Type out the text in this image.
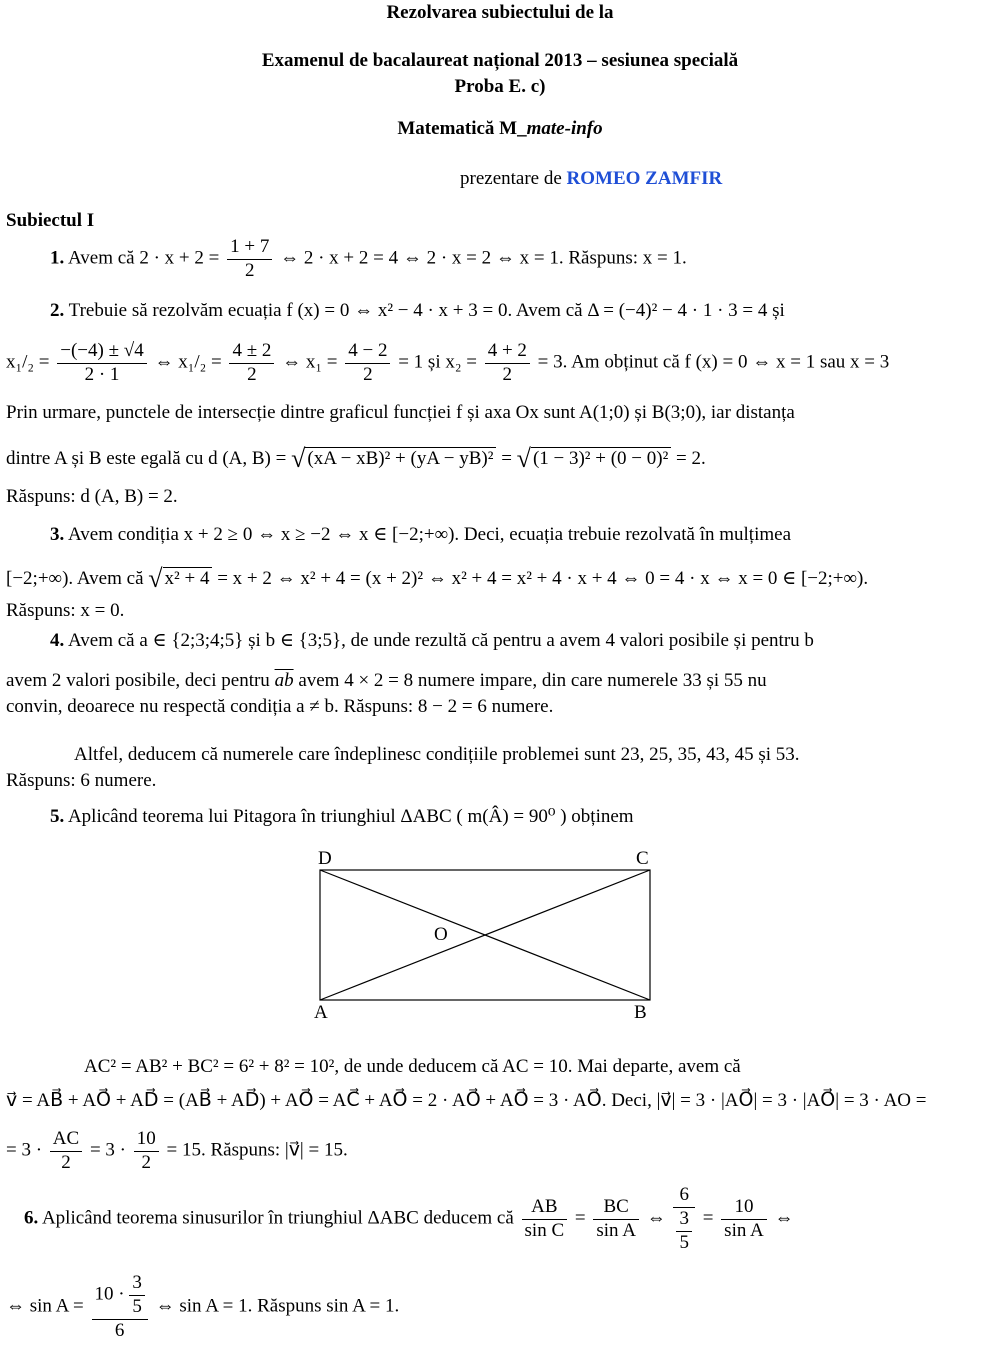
Rezolvarea subiectului de la
Examenul de bacalaureat național 2013 – sesiunea specială
Proba E. c)
Matematică M_mate-info
prezentare de ROMEO ZAMFIR
Subiectul I
1. Avem că $2 \cdot x + 2 = \frac{1 + 7}{2}$ ⇔ 2 · x + 2 = 4 ⇔ 2 · x = 2 ⇔ x = 1. Răspuns: x = 1.
2. Trebuie să rezolvăm ecuația f (x) = 0 ⇔ x² − 4 · x + 3 = 0. Avem că Δ = (−4)² − 4 · 1 · 3 = 4 și
$x_1/_2 = \frac{-(-4) \pm √4}{2 \cdot 1}$ ⇔ $x_1/_2 = \frac{4 \pm 2}{2}$ ⇔ $x_1 = \frac{4 - 2}{2} = 1$ și $x_2 = \frac{4 + 2}{2} = 3$. Am obținut că f (x) = 0 ⇔ x = 1 sau x = 3
Prin urmare, punctele de intersecție dintre graficul funcției f și axa Ox sunt A(1;0) și B(3;0), iar distanța
dintre A și B este egală cu d (A, B) = √ (xA − xB)² + (yA − yB)² = √ (1 − 3)² + (0 − 0)² = 2.
Răspuns: d (A, B) = 2.
3. Avem condiția x + 2 ≥ 0 ⇔ x ≥ −2 ⇔ x ∈ [−2;+∞). Deci, ecuația trebuie rezolvată în mulțimea
[−2;+∞). Avem că √ x² + 4 = x + 2 ⇔ x² + 4 = (x + 2)² ⇔ x² + 4 = x² + 4 · x + 4 ⇔ 0 = 4 · x ⇔ x = 0 ∈ [−2;+∞).
Răspuns: x = 0.
4. Avem că a ∈ {2;3;4;5} și b ∈ {3;5}, de unde rezultă că pentru a avem 4 valori posibile și pentru b
avem 2 valori posibile, deci pentru $\overline{ab}$ avem 4 × 2 = 8 numere impare, din care numerele 33 și 55 nu
convin, deoarece nu respectă condiția a ≠ b. Răspuns: 8 − 2 = 6 numere.
Altfel, deducem că numerele care îndeplinesc condițiile problemei sunt 23, 25, 35, 43, 45 și 53.
Răspuns: 6 numere.
5. Aplicând teorema lui Pitagora în triunghiul ΔABC ( m(Â) = 90⁰ ) obținem
D	C
O
A	B
AC² = AB² + BC² = 6² + 8² = 10², de unde deducem că AC = 10. Mai departe, avem că
v⃗ = AB⃗ + AO⃗ + AD⃗ = (AB⃗ + AD⃗) + AO⃗ = AC⃗ + AO⃗ = 2 · AO⃗ + AO⃗ = 3 · AO⃗. Deci, |v⃗| = 3 · |AO⃗| = 3 · |AO⃗| = 3 · AO =
= $3 \cdot \frac{AC}{2} = 3 \cdot \frac{10}{2} = 15$. Răspuns: |v⃗| = 15.
6. Aplicând teorema sinusurilor în triunghiul ΔABC deducem că $\frac{AB}{\text{sin C}} = \frac{BC}{\text{sin A}}$ ⇔ $\frac{6}{\frac{3}{5}} = \frac{10}{\text{sin A}}$ ⇔
⇔ $\sin A = \frac{10 \cdot \frac{3}{5}}{6}$ ⇔ sin A = 1. Răspuns sin A = 1.
